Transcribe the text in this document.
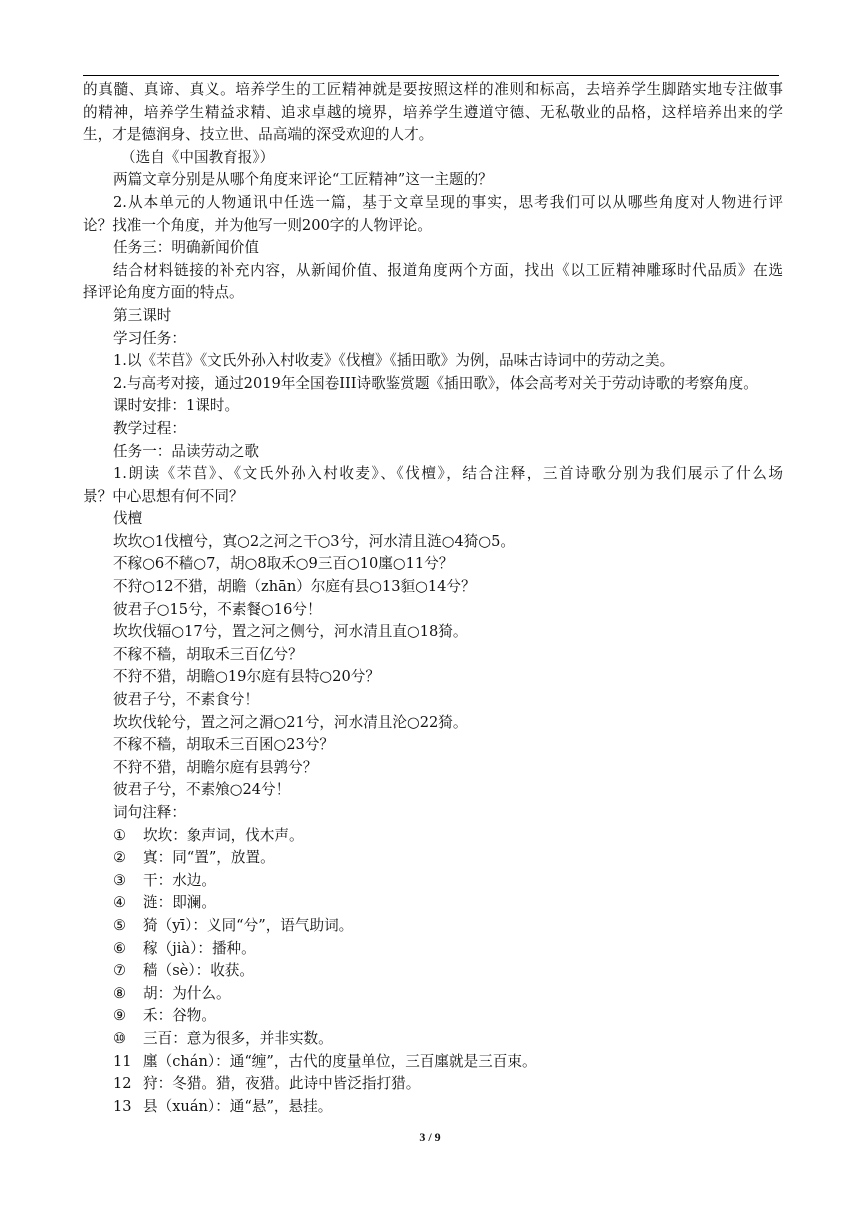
的真髓、真谛、真义。培养学生的工匠精神就是要按照这样的准则和标高，去培养学生脚踏实地专注做事
的精神，培养学生精益求精、追求卓越的境界，培养学生遵道守德、无私敬业的品格，这样培养出来的学
生，才是德润身、技立世、品高端的深受欢迎的人才。
（选自《中国教育报》）
两篇文章分别是从哪个角度来评论“工匠精神”这一主题的？
2.从本单元的人物通讯中任选一篇，基于文章呈现的事实，思考我们可以从哪些角度对人物进行评
论？找准一个角度，并为他写一则200字的人物评论。
任务三：明确新闻价值
结合材料链接的补充内容，从新闻价值、报道角度两个方面，找出《以工匠精神雕琢时代品质》在选
择评论角度方面的特点。
第三课时
学习任务：
1.以《芣苢》《文氏外孙入村收麦》《伐檀》《插田歌》为例，品味古诗词中的劳动之美。
2.与高考对接，通过2019年全国卷III诗歌鉴赏题《插田歌》，体会高考对关于劳动诗歌的考察角度。
课时安排：1课时。
教学过程：
任务一：品读劳动之歌
1.朗读《芣苢》、《文氏外孙入村收麦》、《伐檀》，结合注释，三首诗歌分别为我们展示了什么场
景？中心思想有何不同？
伐檀
坎坎○1伐檀兮，寘○2之河之干○3兮，河水清且涟○4猗○5。
不稼○6不穑○7，胡○8取禾○9三百○10廛○11兮？
不狩○12不猎，胡瞻（zhān）尔庭有县○13貆○14兮？
彼君子○15兮，不素餐○16兮！
坎坎伐辐○17兮，置之河之侧兮，河水清且直○18猗。
不稼不穑，胡取禾三百亿兮？
不狩不猎，胡瞻○19尔庭有县特○20兮？
彼君子兮，不素食兮！
坎坎伐轮兮，置之河之漘○21兮，河水清且沦○22猗。
不稼不穑，胡取禾三百囷○23兮？
不狩不猎，胡瞻尔庭有县鹑兮？
彼君子兮，不素飧○24兮！
词句注释：
① 坎坎：象声词，伐木声。
② 寘：同“置”，放置。
③ 干：水边。
④ 涟：即澜。
⑤ 猗（yī）：义同“兮”，语气助词。
⑥ 稼（jià）：播种。
⑦ 穑（sè）：收获。
⑧ 胡：为什么。
⑨ 禾：谷物。
⑩ 三百：意为很多，并非实数。
11 廛（chán）：通“缠”，古代的度量单位，三百廛就是三百束。
12 狩：冬猎。猎，夜猎。此诗中皆泛指打猎。
13 县（xuán）：通“悬”，悬挂。
3 / 9
